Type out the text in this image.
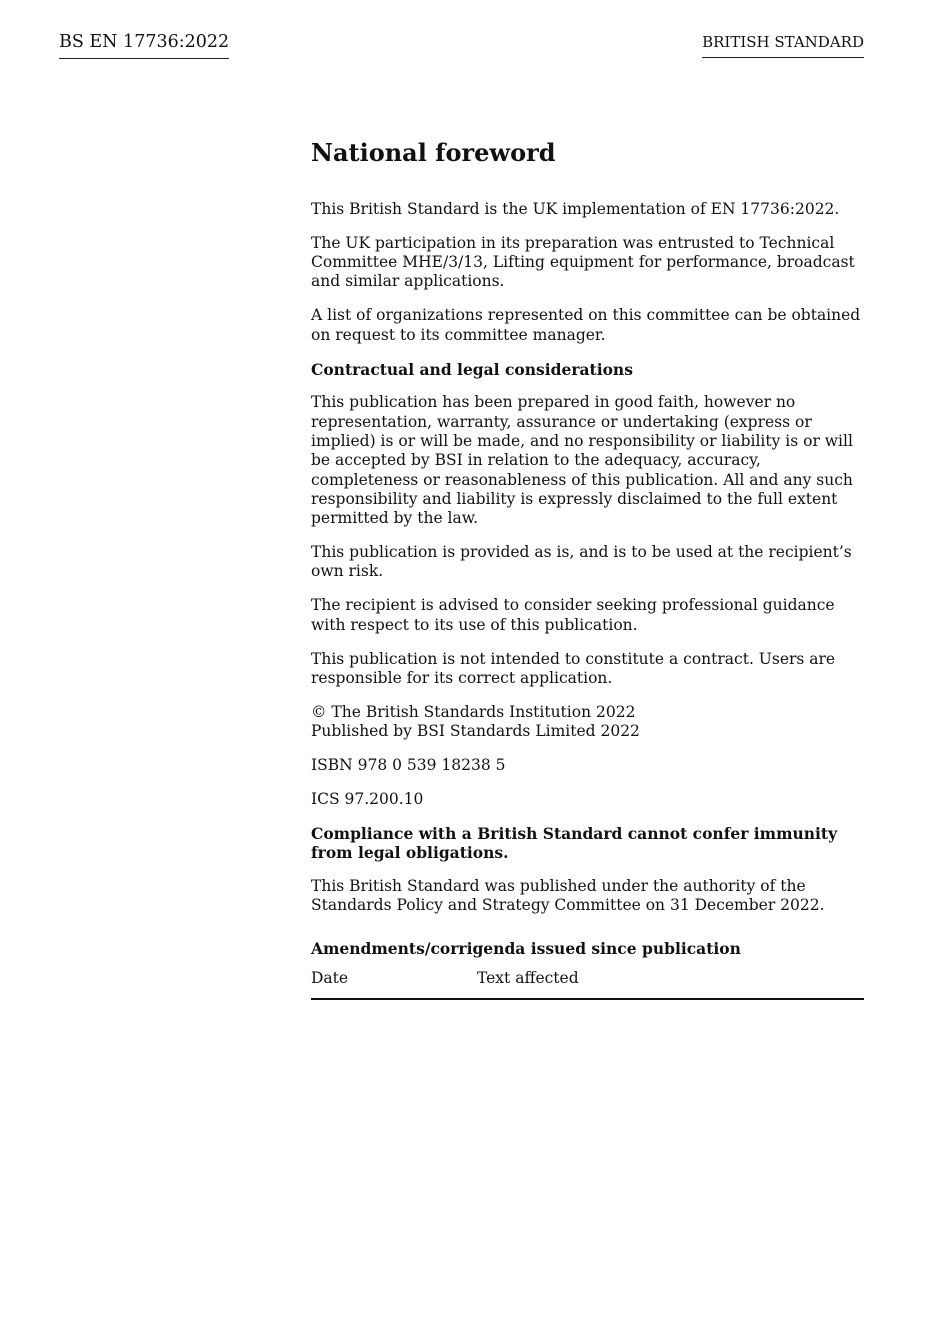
BS EN 17736:2022	BRITISH STANDARD
National foreword
This British Standard is the UK implementation of EN 17736:2022.
The UK participation in its preparation was entrusted to Technical Committee MHE/3/13, Lifting equipment for performance, broadcast and similar applications.
A list of organizations represented on this committee can be obtained on request to its committee manager.
Contractual and legal considerations
This publication has been prepared in good faith, however no representation, warranty, assurance or undertaking (express or implied) is or will be made, and no responsibility or liability is or will be accepted by BSI in relation to the adequacy, accuracy, completeness or reasonableness of this publication. All and any such responsibility and liability is expressly disclaimed to the full extent permitted by the law.
This publication is provided as is, and is to be used at the recipient’s own risk.
The recipient is advised to consider seeking professional guidance with respect to its use of this publication.
This publication is not intended to constitute a contract. Users are responsible for its correct application.
© The British Standards Institution 2022
Published by BSI Standards Limited 2022
ISBN 978 0 539 18238 5
ICS 97.200.10
Compliance with a British Standard cannot confer immunity from legal obligations.
This British Standard was published under the authority of the Standards Policy and Strategy Committee on 31 December 2022.
Amendments/corrigenda issued since publication
Date	Text affected
